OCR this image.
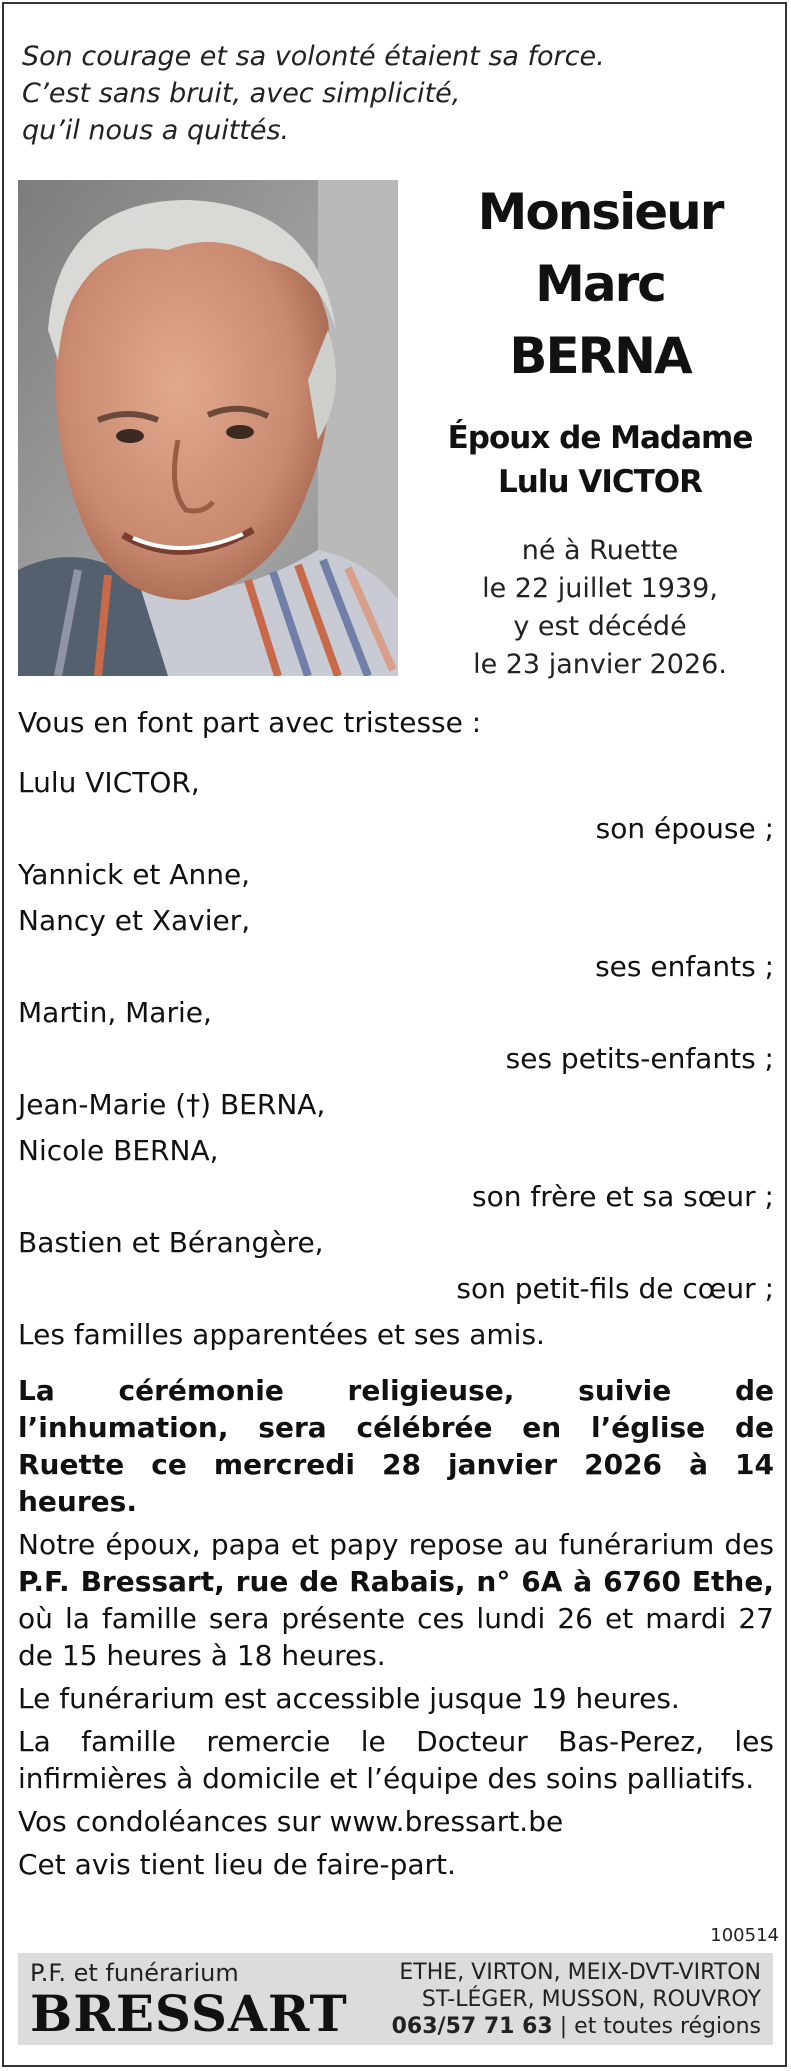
Son courage et sa volonté étaient sa force.
C’est sans bruit, avec simplicité,
qu’il nous a quittés.
Monsieur
Marc
BERNA
Époux de Madame
Lulu VICTOR
né à Ruette
le 22 juillet 1939,
y est décédé
le 23 janvier 2026.
Vous en font part avec tristesse :
Lulu VICTOR,
son épouse ;
Yannick et Anne,
Nancy et Xavier,
ses enfants ;
Martin, Marie,
ses petits-enfants ;
Jean-Marie (†) BERNA,
Nicole BERNA,
son frère et sa sœur ;
Bastien et Bérangère,
son petit-fils de cœur ;
Les familles apparentées et ses amis.
La cérémonie religieuse, suivie de l’inhumation, sera célébrée en l’église de Ruette ce mercredi 28 janvier 2026 à 14 heures.
Notre époux, papa et papy repose au funérarium des P.F. Bressart, rue de Rabais, n° 6A à 6760 Ethe, où la famille sera présente ces lundi 26 et mardi 27 de 15 heures à 18 heures.
Le funérarium est accessible jusque 19 heures.
La famille remercie le Docteur Bas-Perez, les infirmières à domicile et l’équipe des soins palliatifs.
Vos condoléances sur www.bressart.be
Cet avis tient lieu de faire-part.
100514
P.F. et funérarium
BRESSART
ETHE, VIRTON, MEIX-DVT-VIRTON
ST-LÉGER, MUSSON, ROUVROY
063/57 71 63 | et toutes régions
